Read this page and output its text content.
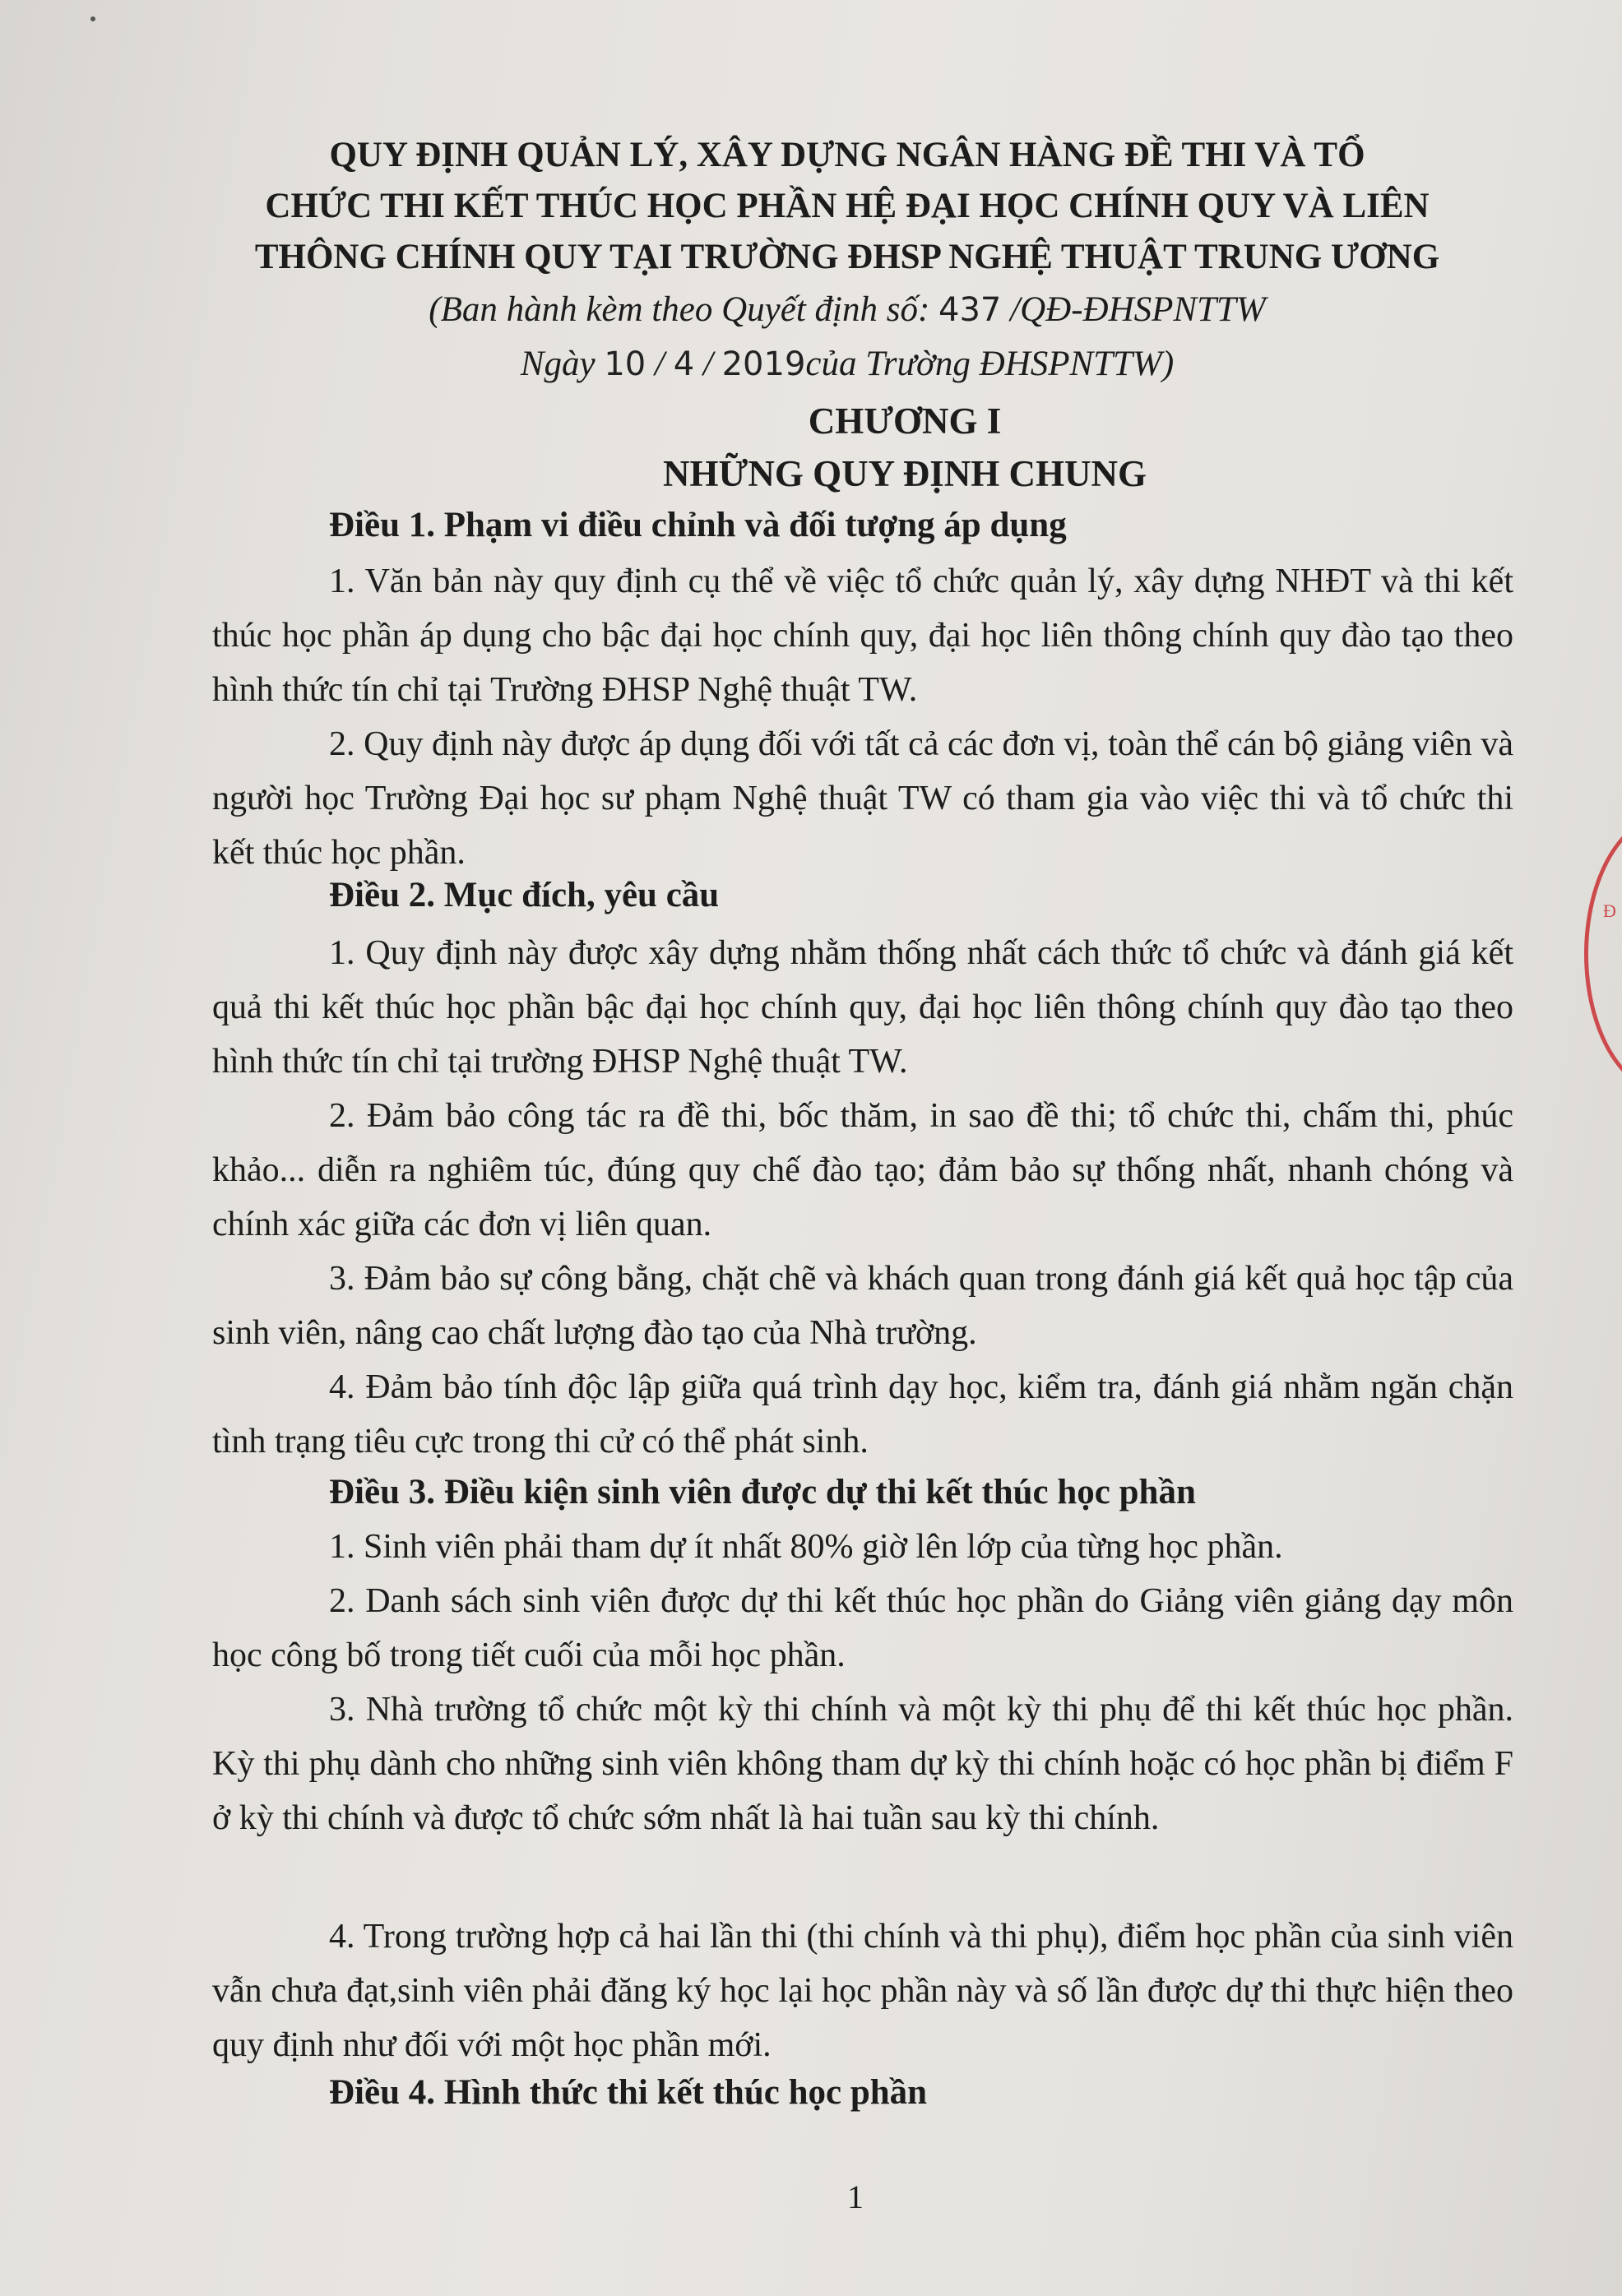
QUY ĐỊNH QUẢN LÝ, XÂY DỰNG NGÂN HÀNG ĐỀ THI VÀ TỔ
CHỨC THI KẾT THÚC HỌC PHẦN HỆ ĐẠI HỌC CHÍNH QUY VÀ LIÊN
THÔNG CHÍNH QUY TẠI TRƯỜNG ĐHSP NGHỆ THUẬT TRUNG ƯƠNG
(Ban hành kèm theo Quyết định số: 437 /QĐ-ĐHSPNTTW
Ngày 10 / 4 / 2019của Trường ĐHSPNTTW)
CHƯƠNG I
NHỮNG QUY ĐỊNH CHUNG
Điều 1. Phạm vi điều chỉnh và đối tượng áp dụng
1. Văn bản này quy định cụ thể về việc tổ chức quản lý, xây dựng NHĐT và thi kết thúc học phần áp dụng cho bậc đại học chính quy, đại học liên thông chính quy đào tạo theo hình thức tín chỉ tại Trường ĐHSP Nghệ thuật TW.
2. Quy định này được áp dụng đối với tất cả các đơn vị, toàn thể cán bộ giảng viên và người học Trường Đại học sư phạm Nghệ thuật TW có tham gia vào việc thi và tổ chức thi kết thúc học phần.
Điều 2. Mục đích, yêu cầu
1. Quy định này được xây dựng nhằm thống nhất cách thức tổ chức và đánh giá kết quả thi kết thúc học phần bậc đại học chính quy, đại học liên thông chính quy đào tạo theo hình thức tín chỉ tại trường ĐHSP Nghệ thuật TW.
2. Đảm bảo công tác ra đề thi, bốc thăm, in sao đề thi; tổ chức thi, chấm thi, phúc khảo... diễn ra nghiêm túc, đúng quy chế đào tạo; đảm bảo sự thống nhất, nhanh chóng và chính xác giữa các đơn vị liên quan.
3. Đảm bảo sự công bằng, chặt chẽ và khách quan trong đánh giá kết quả học tập của sinh viên, nâng cao chất lượng đào tạo của Nhà trường.
4. Đảm bảo tính độc lập giữa quá trình dạy học, kiểm tra, đánh giá nhằm ngăn chặn tình trạng tiêu cực trong thi cử có thể phát sinh.
Điều 3. Điều kiện sinh viên được dự thi kết thúc học phần
1. Sinh viên phải tham dự ít nhất 80% giờ lên lớp của từng học phần.
2. Danh sách sinh viên được dự thi kết thúc học phần do Giảng viên giảng dạy môn học công bố trong tiết cuối của mỗi học phần.
3. Nhà trường tổ chức một kỳ thi chính và một kỳ thi phụ để thi kết thúc học phần. Kỳ thi phụ dành cho những sinh viên không tham dự kỳ thi chính hoặc có học phần bị điểm F ở kỳ thi chính và được tổ chức sớm nhất là hai tuần sau kỳ thi chính.
4. Trong trường hợp cả hai lần thi (thi chính và thi phụ), điểm học phần của sinh viên vẫn chưa đạt,sinh viên phải đăng ký học lại học phần này và số lần được dự thi thực hiện theo quy định như đối với một học phần mới.
Điều 4. Hình thức thi kết thúc học phần
1
Đ
